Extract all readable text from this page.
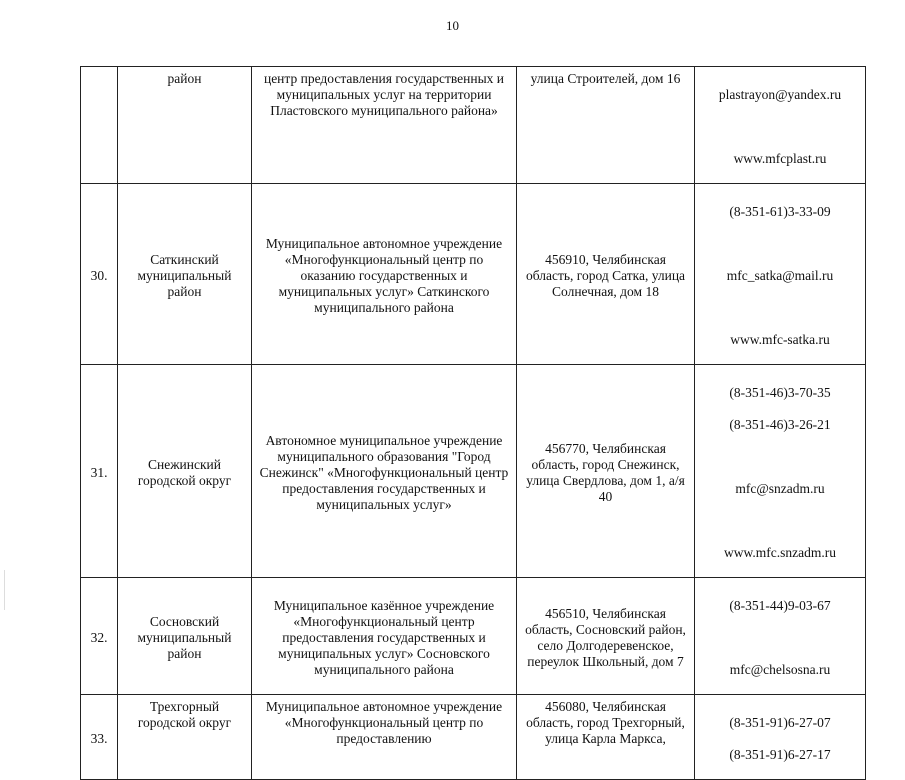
10
	район	центр предоставления государственных и муниципальных услуг на территории Пластовского муниципального района»	улица Строителей, дом 16	plastrayon@yandex.ru

www.mfcplast.ru

30.	Саткинский муниципальный район	Муниципальное автономное учреждение «Многофункциональный центр по оказанию государственных и муниципальных услуг» Саткинского муниципального района	456910, Челябинская область, город Сатка, улица Солнечная, дом 18	(8-351-61)3-33-09

mfc_satka@mail.ru

www.mfc-satka.ru

31.	Снежинский городской округ	Автономное муниципальное учреждение муниципального образования "Город Снежинск" «Многофункциональный центр предоставления государственных и муниципальных услуг»	456770, Челябинская область, город Снежинск, улица Свердлова, дом 1, а/я 40	(8-351-46)3-70-35

(8-351-46)3-26-21

mfc@snzadm.ru

www.mfc.snzadm.ru

32.	Сосновский муниципальный район	Муниципальное казённое учреждение «Многофункциональный центр предоставления государственных и муниципальных услуг» Сосновского муниципального района	456510, Челябинская область, Сосновский район, село Долгодеревенское, переулок Школьный, дом 7	(8-351-44)9-03-67

mfc@chelsosna.ru

33.	Трехгорный городской округ	Муниципальное автономное учреждение «Многофункциональный центр по предоставлению	456080, Челябинская область, город Трехгорный, улица Карла Маркса,	(8-351-91)6-27-07

(8-351-91)6-27-17
